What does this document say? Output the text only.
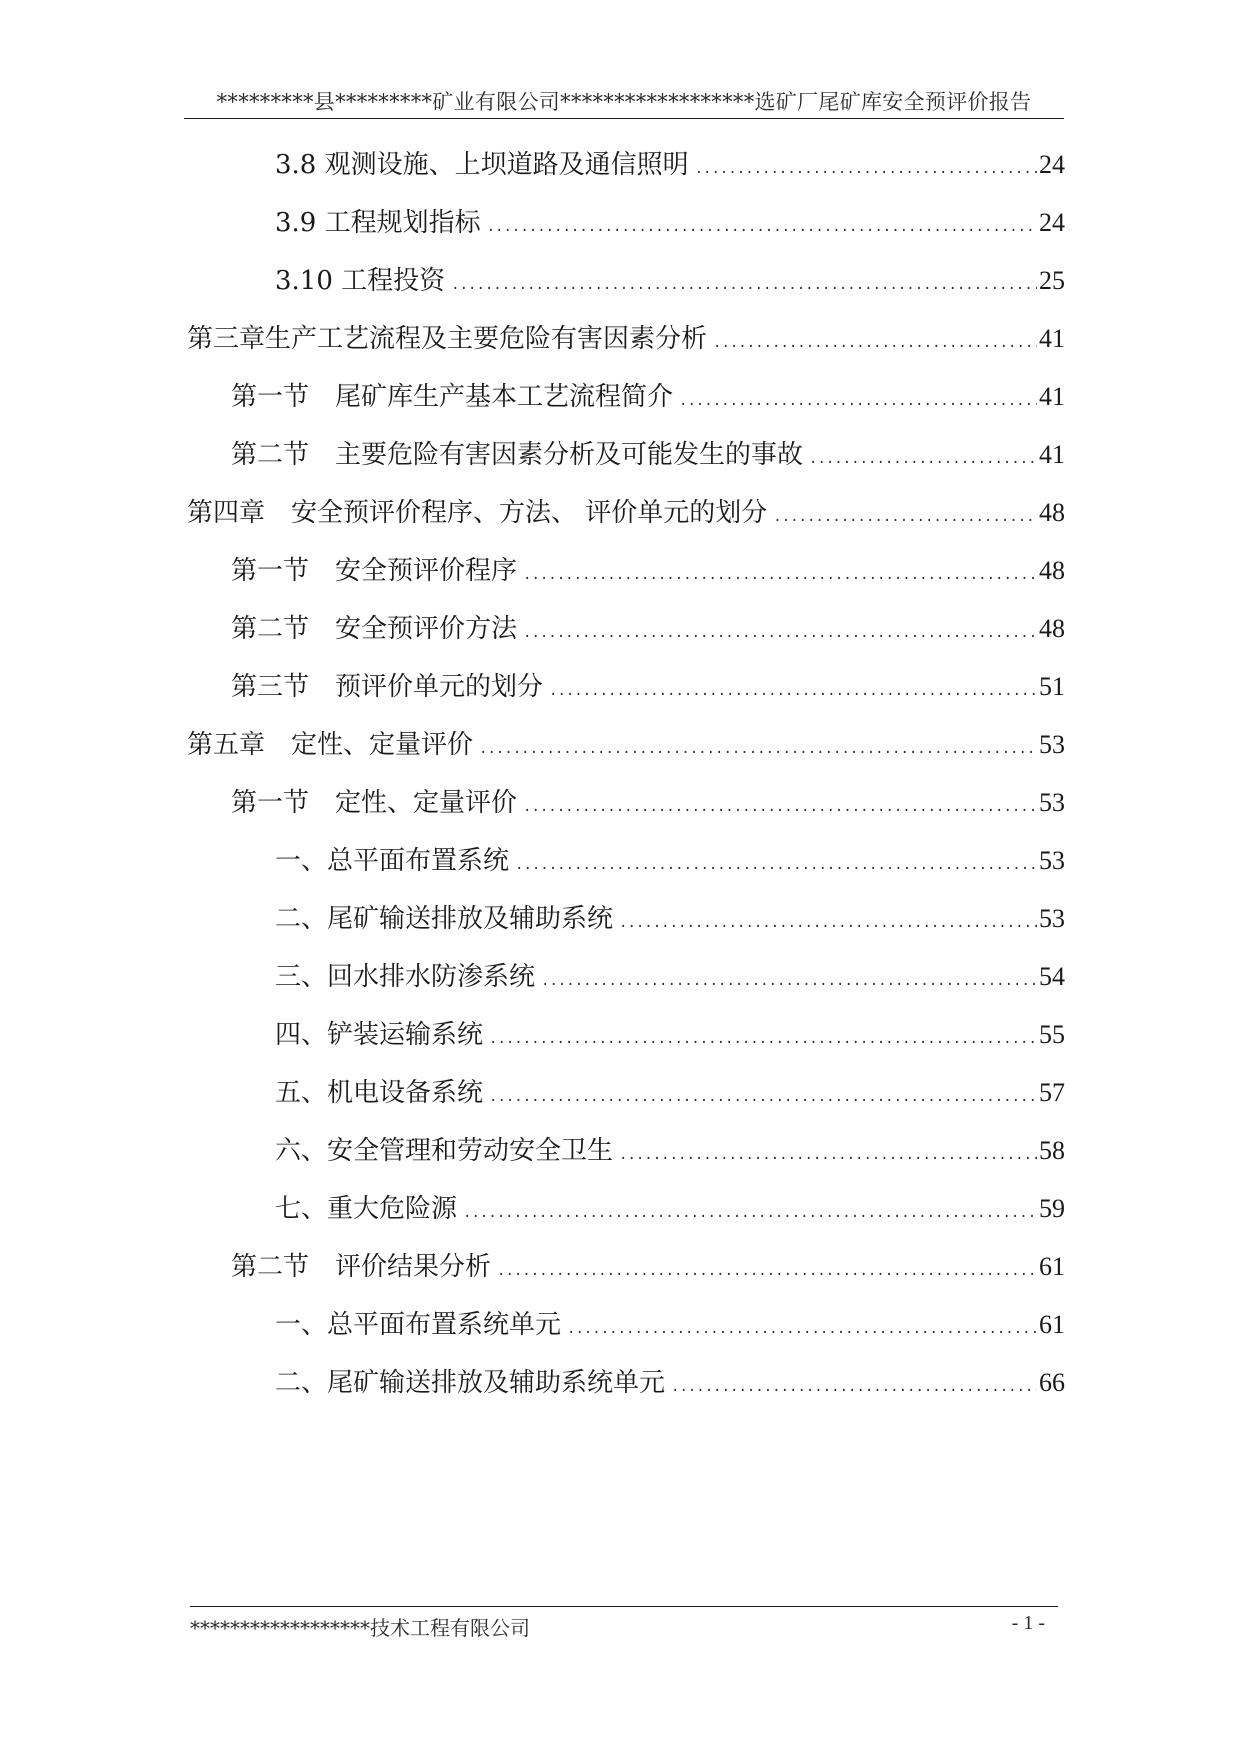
*********县*********矿业有限公司******************选矿厂尾矿库安全预评价报告
3.8 观测设施、上坝道路及通信照明 .....	24
3.9 工程规划指标 .....	24
3.10 工程投资 .....	25
第三章生产工艺流程及主要危险有害因素分析 .....	41
第一节　尾矿库生产基本工艺流程简介 .....	41
第二节　主要危险有害因素分析及可能发生的事故 .....	41
第四章　安全预评价程序、方法、 评价单元的划分 .....	48
第一节　安全预评价程序 .....	48
第二节　安全预评价方法 .....	48
第三节　预评价单元的划分 .....	51
第五章　定性、定量评价 .....	53
第一节　定性、定量评价 .....	53
一、总平面布置系统 .....	53
二、尾矿输送排放及辅助系统 .....	53
三、回水排水防渗系统 .....	54
四、铲装运输系统 .....	55
五、机电设备系统 .....	57
六、安全管理和劳动安全卫生 .....	58
七、重大危险源 .....	59
第二节　评价结果分析 .....	61
一、总平面布置系统单元 .....	61
二、尾矿输送排放及辅助系统单元 .....	66
******************技术工程有限公司	- 1 -
